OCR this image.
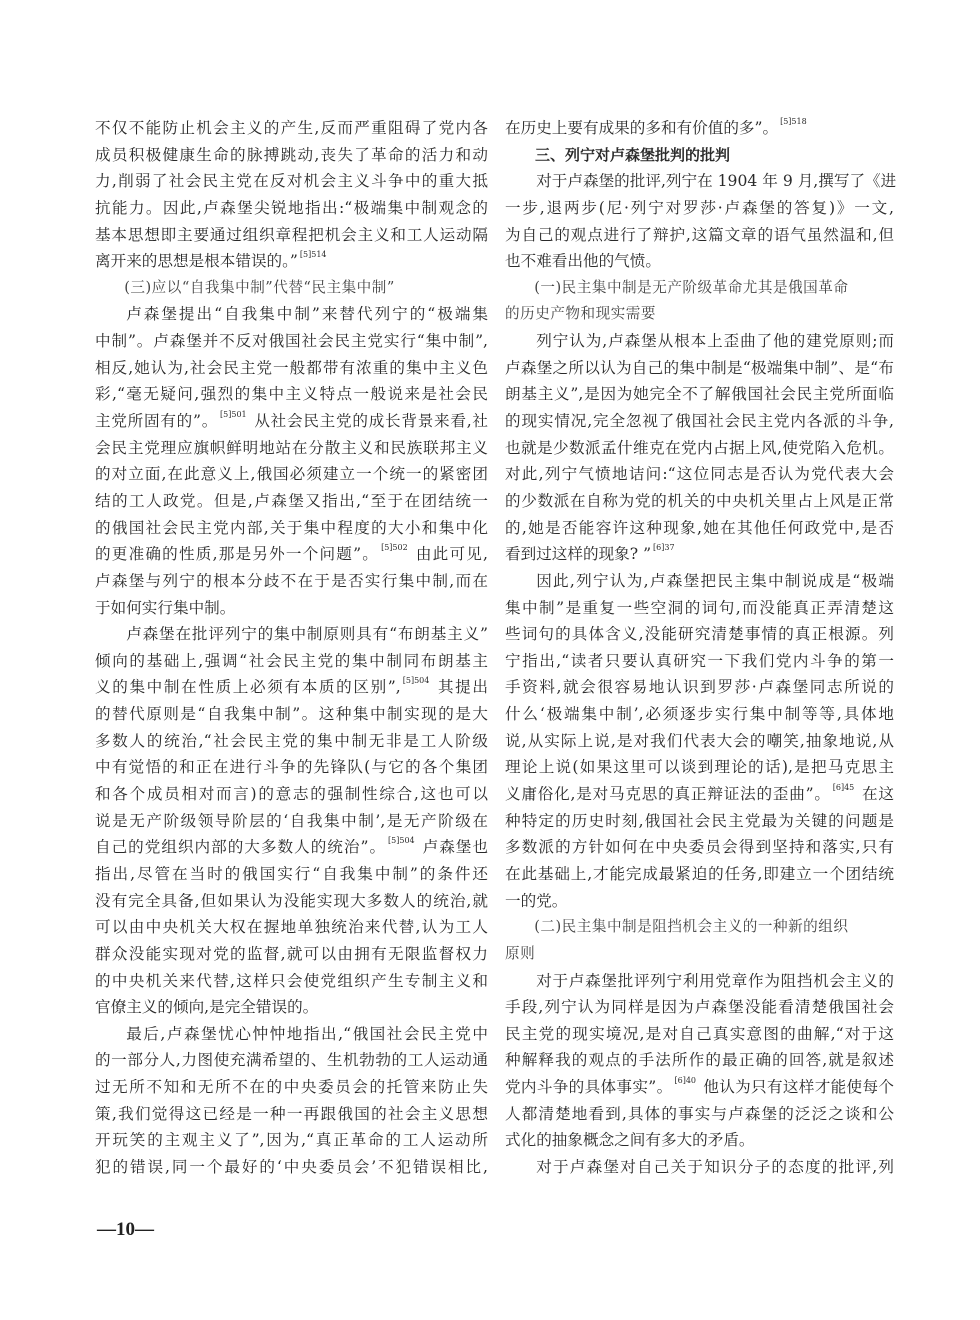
不仅不能防止机会主义的产生,反而严重阻碍了党内各
成员积极健康生命的脉搏跳动,丧失了革命的活力和动
力,削弱了社会民主党在反对机会主义斗争中的重大抵
抗能力。因此,卢森堡尖锐地指出:“极端集中制观念的
基本思想即主要通过组织章程把机会主义和工人运动隔
离开来的思想是根本错误的。” $^{[5]514}$
(三)应以“自我集中制”代替“民主集中制”
卢森堡提出“自我集中制”来替代列宁的“极端集
中制”。卢森堡并不反对俄国社会民主党实行“集中制”,
相反,她认为,社会民主党一般都带有浓重的集中主义色
彩,“毫无疑问,强烈的集中主义特点一般说来是社会民
主党所固有的”。 $^{[5]501}$ 从社会民主党的成长背景来看,社
会民主党理应旗帜鲜明地站在分散主义和民族联邦主义
的对立面,在此意义上,俄国必须建立一个统一的紧密团
结的工人政党。但是,卢森堡又指出,“至于在团结统一
的俄国社会民主党内部,关于集中程度的大小和集中化
的更准确的性质,那是另外一个问题”。 $^{[5]502}$ 由此可见,
卢森堡与列宁的根本分歧不在于是否实行集中制,而在
于如何实行集中制。
卢森堡在批评列宁的集中制原则具有“布朗基主义”
倾向的基础上,强调“社会民主党的集中制同布朗基主
义的集中制在性质上必须有本质的区别”, $^{[5]504}$ 其提出
的替代原则是“自我集中制”。这种集中制实现的是大
多数人的统治,“社会民主党的集中制无非是工人阶级
中有觉悟的和正在进行斗争的先锋队(与它的各个集团
和各个成员相对而言)的意志的强制性综合,这也可以
说是无产阶级领导阶层的‘自我集中制’,是无产阶级在
自己的党组织内部的大多数人的统治”。 $^{[5]504}$ 卢森堡也
指出,尽管在当时的俄国实行“自我集中制”的条件还
没有完全具备,但如果认为没能实现大多数人的统治,就
可以由中央机关大权在握地单独统治来代替,认为工人
群众没能实现对党的监督,就可以由拥有无限监督权力
的中央机关来代替,这样只会使党组织产生专制主义和
官僚主义的倾向,是完全错误的。
最后,卢森堡忧心忡忡地指出,“俄国社会民主党中
的一部分人,力图使充满希望的、生机勃勃的工人运动通
过无所不知和无所不在的中央委员会的托管来防止失
策,我们觉得这已经是一种一再跟俄国的社会主义思想
开玩笑的主观主义了”,因为,“真正革命的工人运动所
犯的错误,同一个最好的‘中央委员会’不犯错误相比,
在历史上要有成果的多和有价值的多”。 $^{[5]518}$
三、列宁对卢森堡批判的批判
对于卢森堡的批评,列宁在 1904 年 9 月,撰写了《进
一步,退两步(尼·列宁对罗莎·卢森堡的答复)》一文,
为自己的观点进行了辩护,这篇文章的语气虽然温和,但
也不难看出他的气愤。
(一)民主集中制是无产阶级革命尤其是俄国革命
的历史产物和现实需要
列宁认为,卢森堡从根本上歪曲了他的建党原则;而
卢森堡之所以认为自己的集中制是“极端集中制”、是“布
朗基主义”,是因为她完全不了解俄国社会民主党所面临
的现实情况,完全忽视了俄国社会民主党内各派的斗争,
也就是少数派孟什维克在党内占据上风,使党陷入危机。
对此,列宁气愤地诘问:“这位同志是否认为党代表大会
的少数派在自称为党的机关的中央机关里占上风是正常
的,她是否能容许这种现象,她在其他任何政党中,是否
看到过这样的现象? ” $^{[6]37}$
因此,列宁认为,卢森堡把民主集中制说成是“极端
集中制”是重复一些空洞的词句,而没能真正弄清楚这
些词句的具体含义,没能研究清楚事情的真正根源。列
宁指出,“读者只要认真研究一下我们党内斗争的第一
手资料,就会很容易地认识到罗莎·卢森堡同志所说的
什么‘极端集中制’,必须逐步实行集中制等等,具体地
说,从实际上说,是对我们代表大会的嘲笑,抽象地说,从
理论上说(如果这里可以谈到理论的话),是把马克思主
义庸俗化,是对马克思的真正辩证法的歪曲”。 $^{[6]45}$ 在这
种特定的历史时刻,俄国社会民主党最为关键的问题是
多数派的方针如何在中央委员会得到坚持和落实,只有
在此基础上,才能完成最紧迫的任务,即建立一个团结统
一的党。
(二)民主集中制是阻挡机会主义的一种新的组织
原则
对于卢森堡批评列宁利用党章作为阻挡机会主义的
手段,列宁认为同样是因为卢森堡没能看清楚俄国社会
民主党的现实境况,是对自己真实意图的曲解,“对于这
种解释我的观点的手法所作的最正确的回答,就是叙述
党内斗争的具体事实”。 $^{[6]40}$ 他认为只有这样才能使每个
人都清楚地看到,具体的事实与卢森堡的泛泛之谈和公
式化的抽象概念之间有多大的矛盾。
对于卢森堡对自己关于知识分子的态度的批评,列
—10—
